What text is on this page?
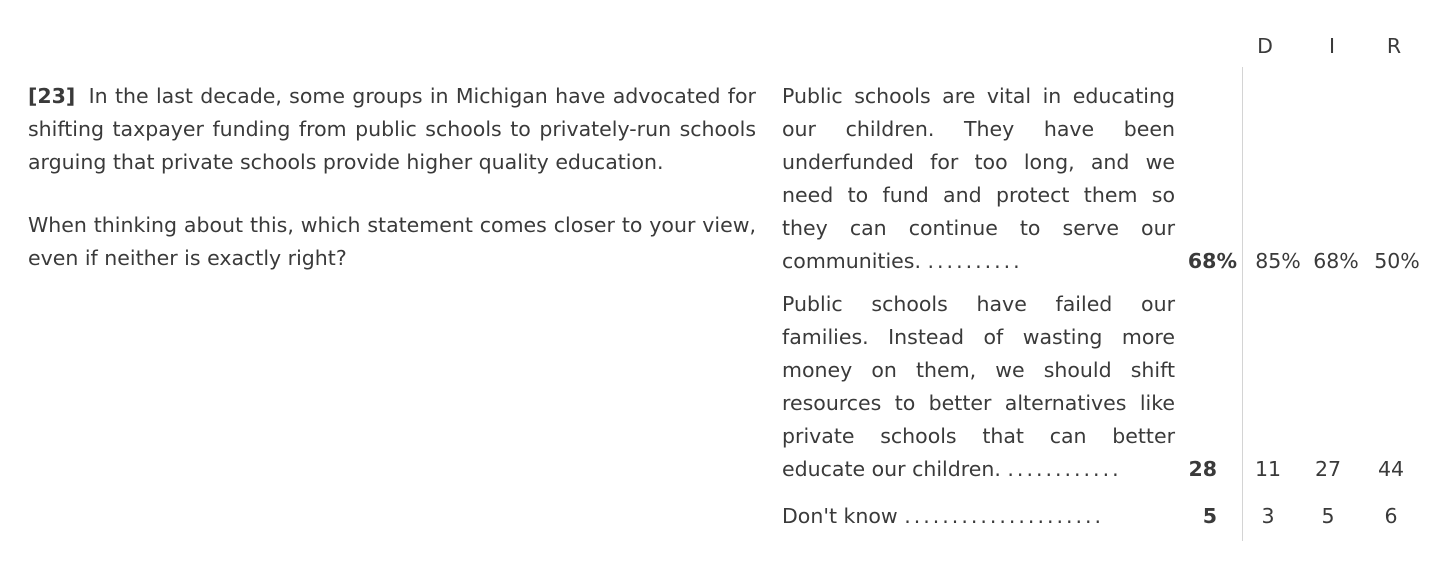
[23] In the last decade, some groups in Michigan have advocated for shifting taxpayer funding from public schools to privately-run schools arguing that private schools provide higher quality education.

When thinking about this, which statement comes closer to your view, even if neither is exactly right?

D	I	R
Public schools are vital in educating our children. They have been underfunded for too long, and we need to fund and protect them so they can continue to serve our communities. ..........	68% 85% 68% 50%
Public schools have failed our families. Instead of wasting more money on them, we should shift resources to better alternatives like private schools that can better educate our children. ............	28	11	27	44
Don't know .....................	5	3	5	6
